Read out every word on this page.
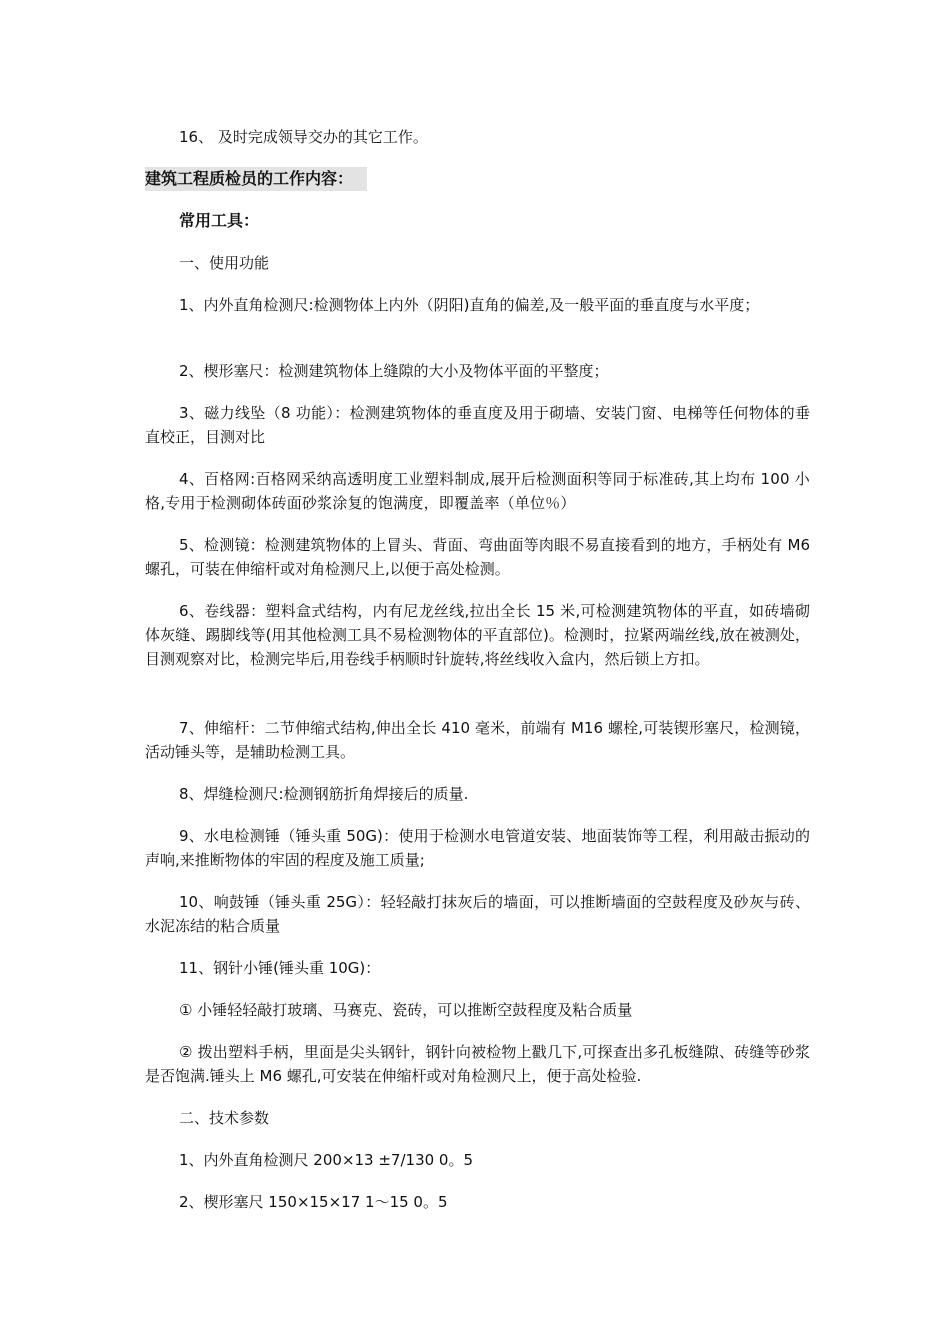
16、 及时完成领导交办的其它工作。

建筑工程质检员的工作内容：
常用工具：

一、使用功能

1、内外直角检测尺:检测物体上内外（阴阳)直角的偏差,及一般平面的垂直度与水平度；

2、楔形塞尺：检测建筑物体上缝隙的大小及物体平面的平整度；

3、磁力线坠（8 功能）：检测建筑物体的垂直度及用于砌墙、安装门窗、电梯等任何物体的垂直校正，目测对比

4、百格网:百格网采纳高透明度工业塑料制成,展开后检测面积等同于标准砖,其上均布 100 小格,专用于检测砌体砖面砂浆涂复的饱满度，即覆盖率（单位％）

5、检测镜：检测建筑物体的上冒头、背面、弯曲面等肉眼不易直接看到的地方，手柄处有 M6 螺孔，可装在伸缩杆或对角检测尺上,以便于高处检测。

6、卷线器：塑料盒式结构，内有尼龙丝线,拉出全长 15 米,可检测建筑物体的平直，如砖墙砌体灰缝、踢脚线等(用其他检测工具不易检测物体的平直部位)。检测时，拉紧两端丝线,放在被测处，目测观察对比，检测完毕后,用卷线手柄顺时针旋转,将丝线收入盒内，然后锁上方扣。

7、伸缩杆：二节伸缩式结构,伸出全长 410 毫米，前端有 M16 螺栓,可装锲形塞尺，检测镜，活动锤头等，是辅助检测工具。

8、焊缝检测尺:检测钢筋折角焊接后的质量.

9、水电检测锤（锤头重 50G)：使用于检测水电管道安装、地面装饰等工程，利用敲击振动的声响,来推断物体的牢固的程度及施工质量;

10、响鼓锤（锤头重 25G）：轻轻敲打抹灰后的墙面，可以推断墙面的空鼓程度及砂灰与砖、水泥冻结的粘合质量

11、钢针小锤(锤头重 10G)：

① 小锤轻轻敲打玻璃、马赛克、瓷砖，可以推断空鼓程度及粘合质量

② 拨出塑料手柄，里面是尖头钢针，钢针向被检物上戳几下,可探查出多孔板缝隙、砖缝等砂浆是否饱满.锤头上 M6 螺孔,可安装在伸缩杆或对角检测尺上，便于高处检验.

二、技术参数

1、内外直角检测尺 200×13 ±7/130 0。5

2、楔形塞尺 150×15×17 1～15 0。5
